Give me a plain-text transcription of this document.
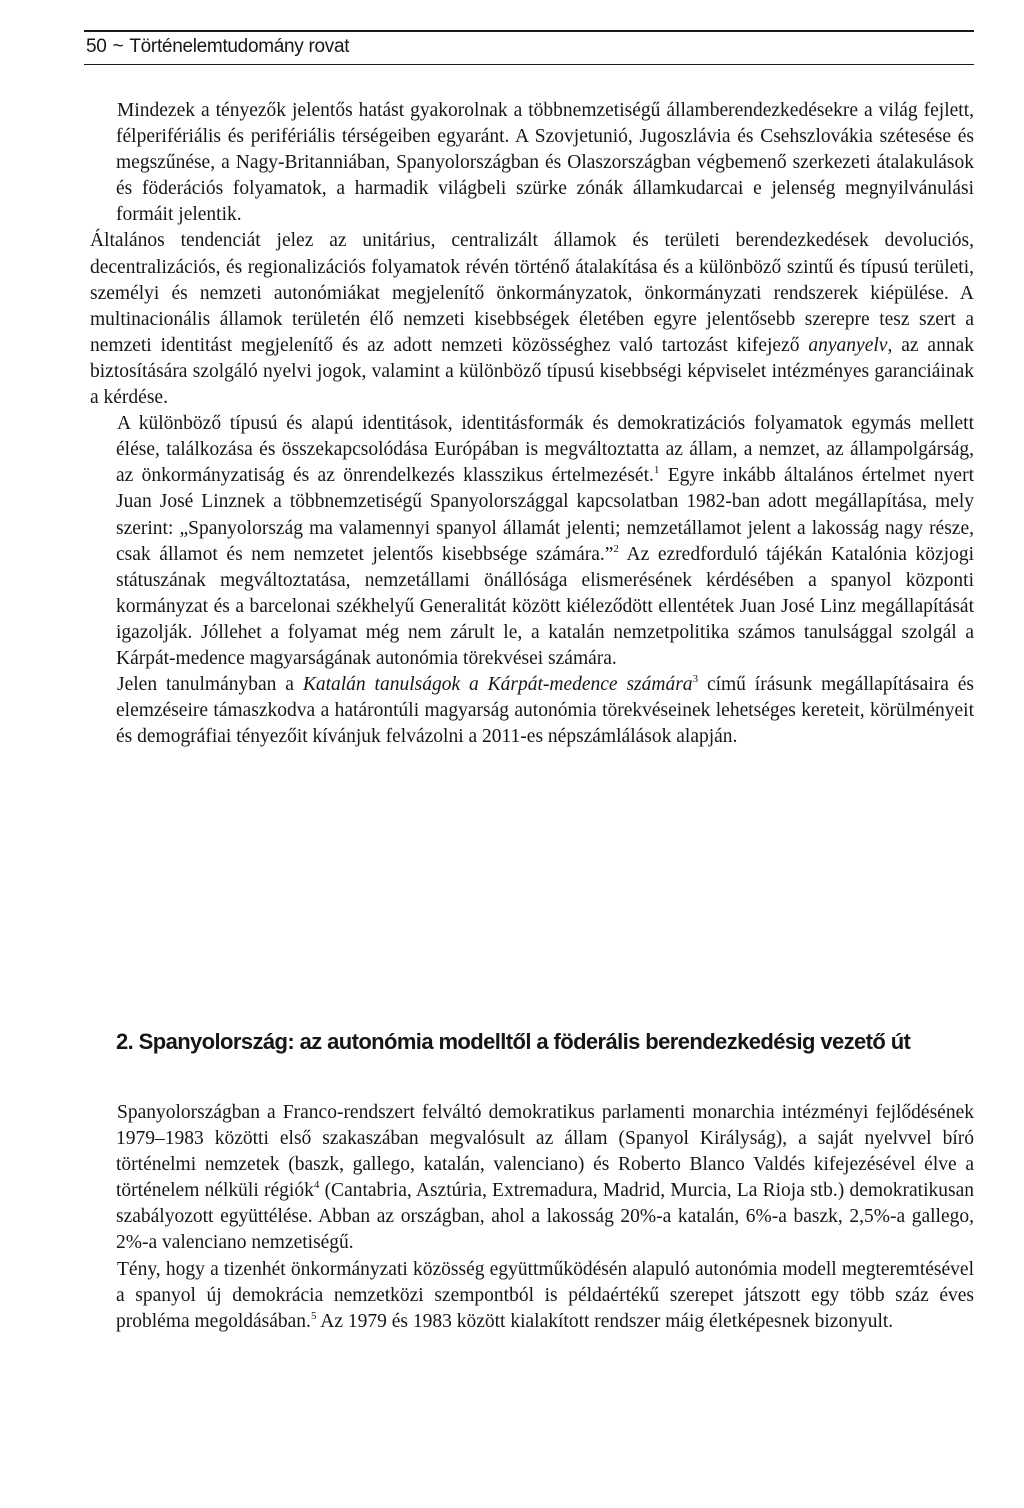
50 ~ Történelemtudomány rovat

Mindezek a tényezők jelentős hatást gyakorolnak a többnemzetiségű államberendezkedésekre a világ fejlett, félperifériális és perifériális térségeiben egyaránt. A Szovjetunió, Jugoszlávia és Csehszlovákia szétesése és megszűnése, a Nagy-Britanniában, Spanyolországban és Olaszországban végbemenő szerkezeti átalakulások és föderációs folyamatok, a harmadik világbeli szürke zónák államkudarcai e jelenség megnyilvánulási formáit jelentik.

Általános tendenciát jelez az unitárius, centralizált államok és területi berendezkedések devoluciós, decentralizációs, és regionalizációs folyamatok révén történő átalakítása és a különböző szintű és típusú területi, személyi és nemzeti autonómiákat megjelenítő önkormányzatok, önkormányzati rendszerek kiépülése. A multinacionális államok területén élő nemzeti kisebbségek életében egyre jelentősebb szerepre tesz szert a nemzeti identitást megjelenítő és az adott nemzeti közösséghez való tartozást kifejező anyanyelv, az annak biztosítására szolgáló nyelvi jogok, valamint a különböző típusú kisebbségi képviselet intézményes garanciáinak a kérdése.

A különböző típusú és alapú identitások, identitásformák és demokratizációs folyamatok egymás mellett élése, találkozása és összekapcsolódása Európában is megváltoztatta az állam, a nemzet, az állampolgárság, az önkormányzatiság és az önrendelkezés klasszikus értelmezését.$^1$ Egyre inkább általános értelmet nyert Juan José Linznek a többnemzetiségű Spanyolországgal kapcsolatban 1982-ban adott megállapítása, mely szerint: „Spanyolország ma valamennyi spanyol államát jelenti; nemzetállamot jelent a lakosság nagy része, csak államot és nem nemzetet jelentős kisebbsége számára.”$^2$ Az ezredforduló tájékán Katalónia közjogi státuszának megváltoztatása, nemzetállami önállósága elismerésének kérdésében a spanyol központi kormányzat és a barcelonai székhelyű Generalitát között kiéleződött ellentétek Juan José Linz megállapítását igazolják. Jóllehet a folyamat még nem zárult le, a katalán nemzetpolitika számos tanulsággal szolgál a Kárpát-medence magyarságának autonómia törekvései számára.

Jelen tanulmányban a Katalán tanulságok a Kárpát-medence számára$^3$ című írásunk megállapításaira és elemzéseire támaszkodva a határontúli magyarság autonómia törekvéseinek lehetséges kereteit, körülményeit és demográfiai tényezőit kívánjuk felvázolni a 2011-es népszámlálások alapján.

2. Spanyolország: az autonómia modelltől a föderális berendezkedésig vezető út

Spanyolországban a Franco-rendszert felváltó demokratikus parlamenti monarchia intézményi fejlődésének 1979–1983 közötti első szakaszában megvalósult az állam (Spanyol Királyság), a saját nyelvvel bíró történelmi nemzetek (baszk, gallego, katalán, valenciano) és Roberto Blanco Valdés kifejezésével élve a történelem nélküli régiók$^4$ (Cantabria, Asztúria, Extremadura, Madrid, Murcia, La Rioja stb.) demokratikusan szabályozott együttélése. Abban az országban, ahol a lakosság 20%-a katalán, 6%-a baszk, 2,5%-a gallego, 2%-a valenciano nemzetiségű.

Tény, hogy a tizenhét önkormányzati közösség együttműködésén alapuló autonómia modell megteremtésével a spanyol új demokrácia nemzetközi szempontból is példaértékű szerepet játszott egy több száz éves probléma megoldásában.$^5$ Az 1979 és 1983 között kialakított rendszer máig életképesnek bizonyult.
